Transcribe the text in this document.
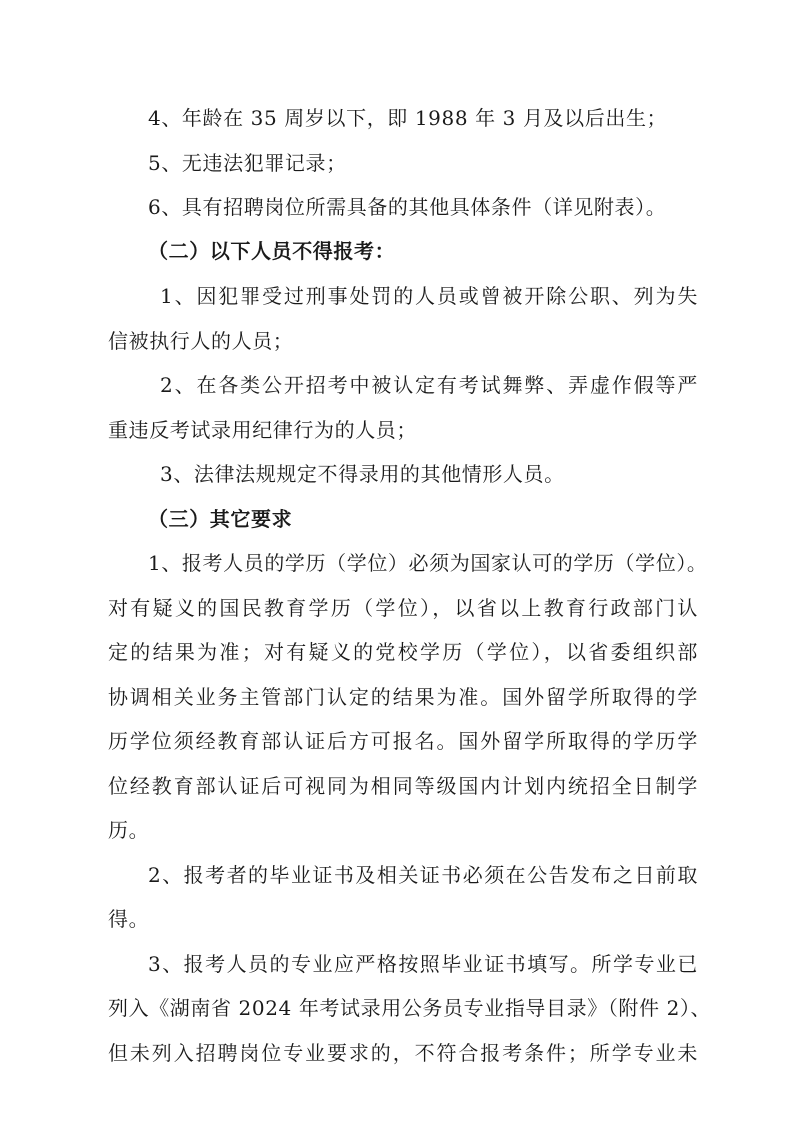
4、年龄在 35 周岁以下，即 1988 年 3 月及以后出生；
5、无违法犯罪记录；
6、具有招聘岗位所需具备的其他具体条件（详见附表）。
（二）以下人员不得报考：
1、因犯罪受过刑事处罚的人员或曾被开除公职、列为失
信被执行人的人员；
2、在各类公开招考中被认定有考试舞弊、弄虚作假等严
重违反考试录用纪律行为的人员；
3、法律法规规定不得录用的其他情形人员。
（三）其它要求
1、报考人员的学历（学位）必须为国家认可的学历（学位）。
对有疑义的国民教育学历（学位），以省以上教育行政部门认
定的结果为准；对有疑义的党校学历（学位），以省委组织部
协调相关业务主管部门认定的结果为准。国外留学所取得的学
历学位须经教育部认证后方可报名。国外留学所取得的学历学
位经教育部认证后可视同为相同等级国内计划内统招全日制学
历。
2、报考者的毕业证书及相关证书必须在公告发布之日前取
得。
3、报考人员的专业应严格按照毕业证书填写。所学专业已
列入《湖南省 2024 年考试录用公务员专业指导目录》（附件 2）、
但未列入招聘岗位专业要求的，不符合报考条件；所学专业未
